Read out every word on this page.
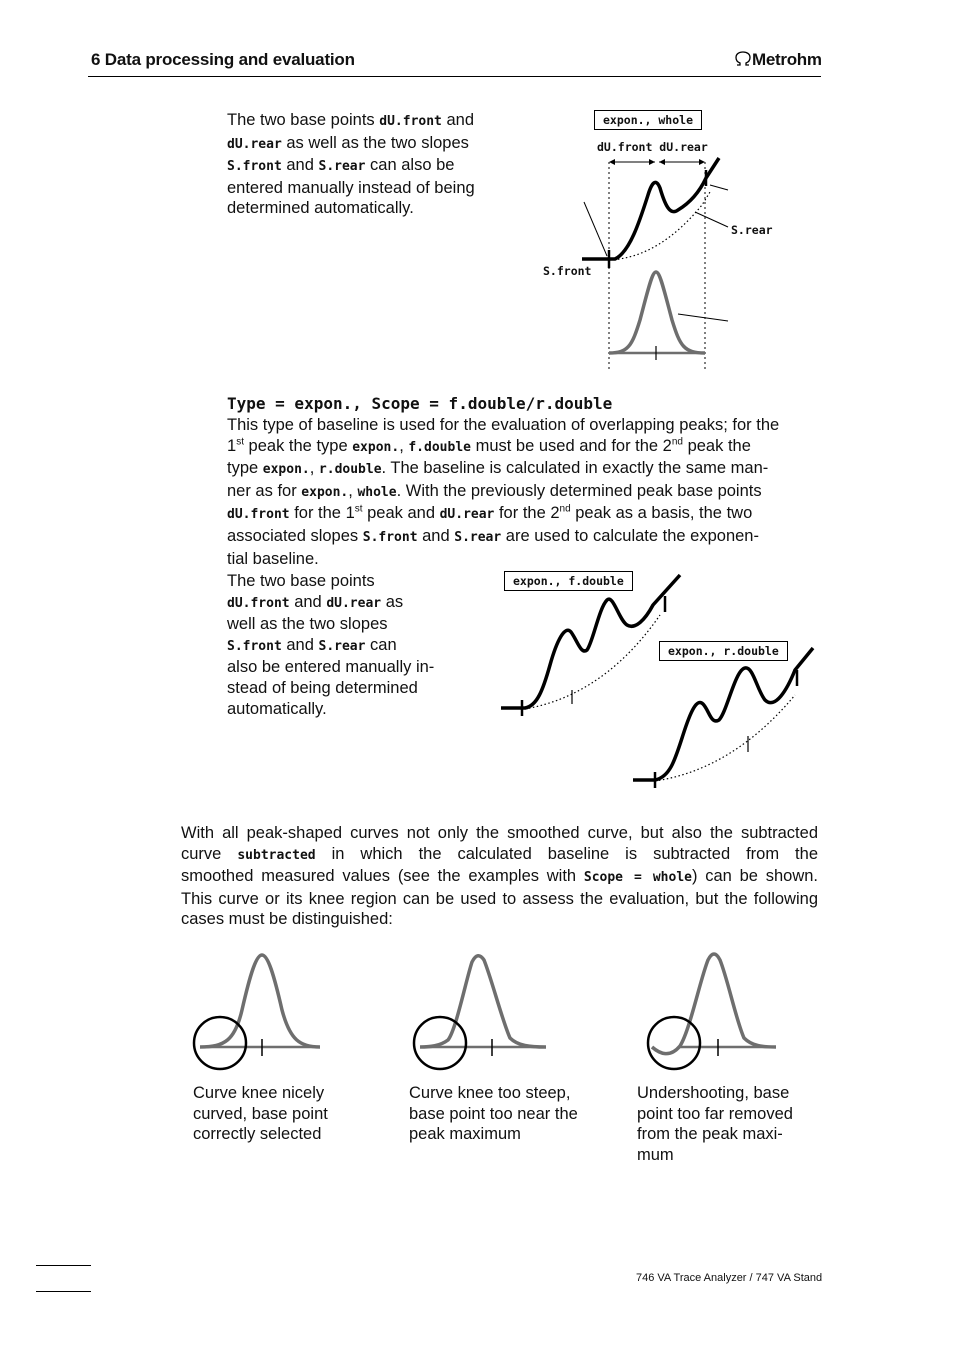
6 Data processing and evaluation	Metrohm
The two base points dU.front and
dU.rear as well as the two slopes
S.front and S.rear can also be
entered manually instead of being
determined automatically.
expon., whole
dU.front dU.rear
S.rear
S.front
Type = expon., Scope = f.double/r.double
This type of baseline is used for the evaluation of overlapping peaks; for the
1st peak the type expon., f.double must be used and for the 2nd peak the
type expon., r.double. The baseline is calculated in exactly the same man-
ner as for expon., whole. With the previously determined peak base points
dU.front for the 1st peak and dU.rear for the 2nd peak as a basis, the two
associated slopes S.front and S.rear are used to calculate the exponen-
tial baseline.
The two base points
dU.front and dU.rear as
well as the two slopes
S.front and S.rear can
also be entered manually in-
stead of being determined
automatically.
expon., f.double
expon., r.double
With all peak-shaped curves not only the smoothed curve, but also the subtracted
curve subtracted in which the calculated baseline is subtracted from the
smoothed measured values (see the examples with Scope = whole) can be shown.
This curve or its knee region can be used to assess the evaluation, but the following
cases must be distinguished:
Curve knee nicely
curved, base point
correctly selected
Curve knee too steep,
base point too near the
peak maximum
Undershooting, base
point too far removed
from the peak maxi-
mum
746 VA Trace Analyzer / 747 VA Stand
